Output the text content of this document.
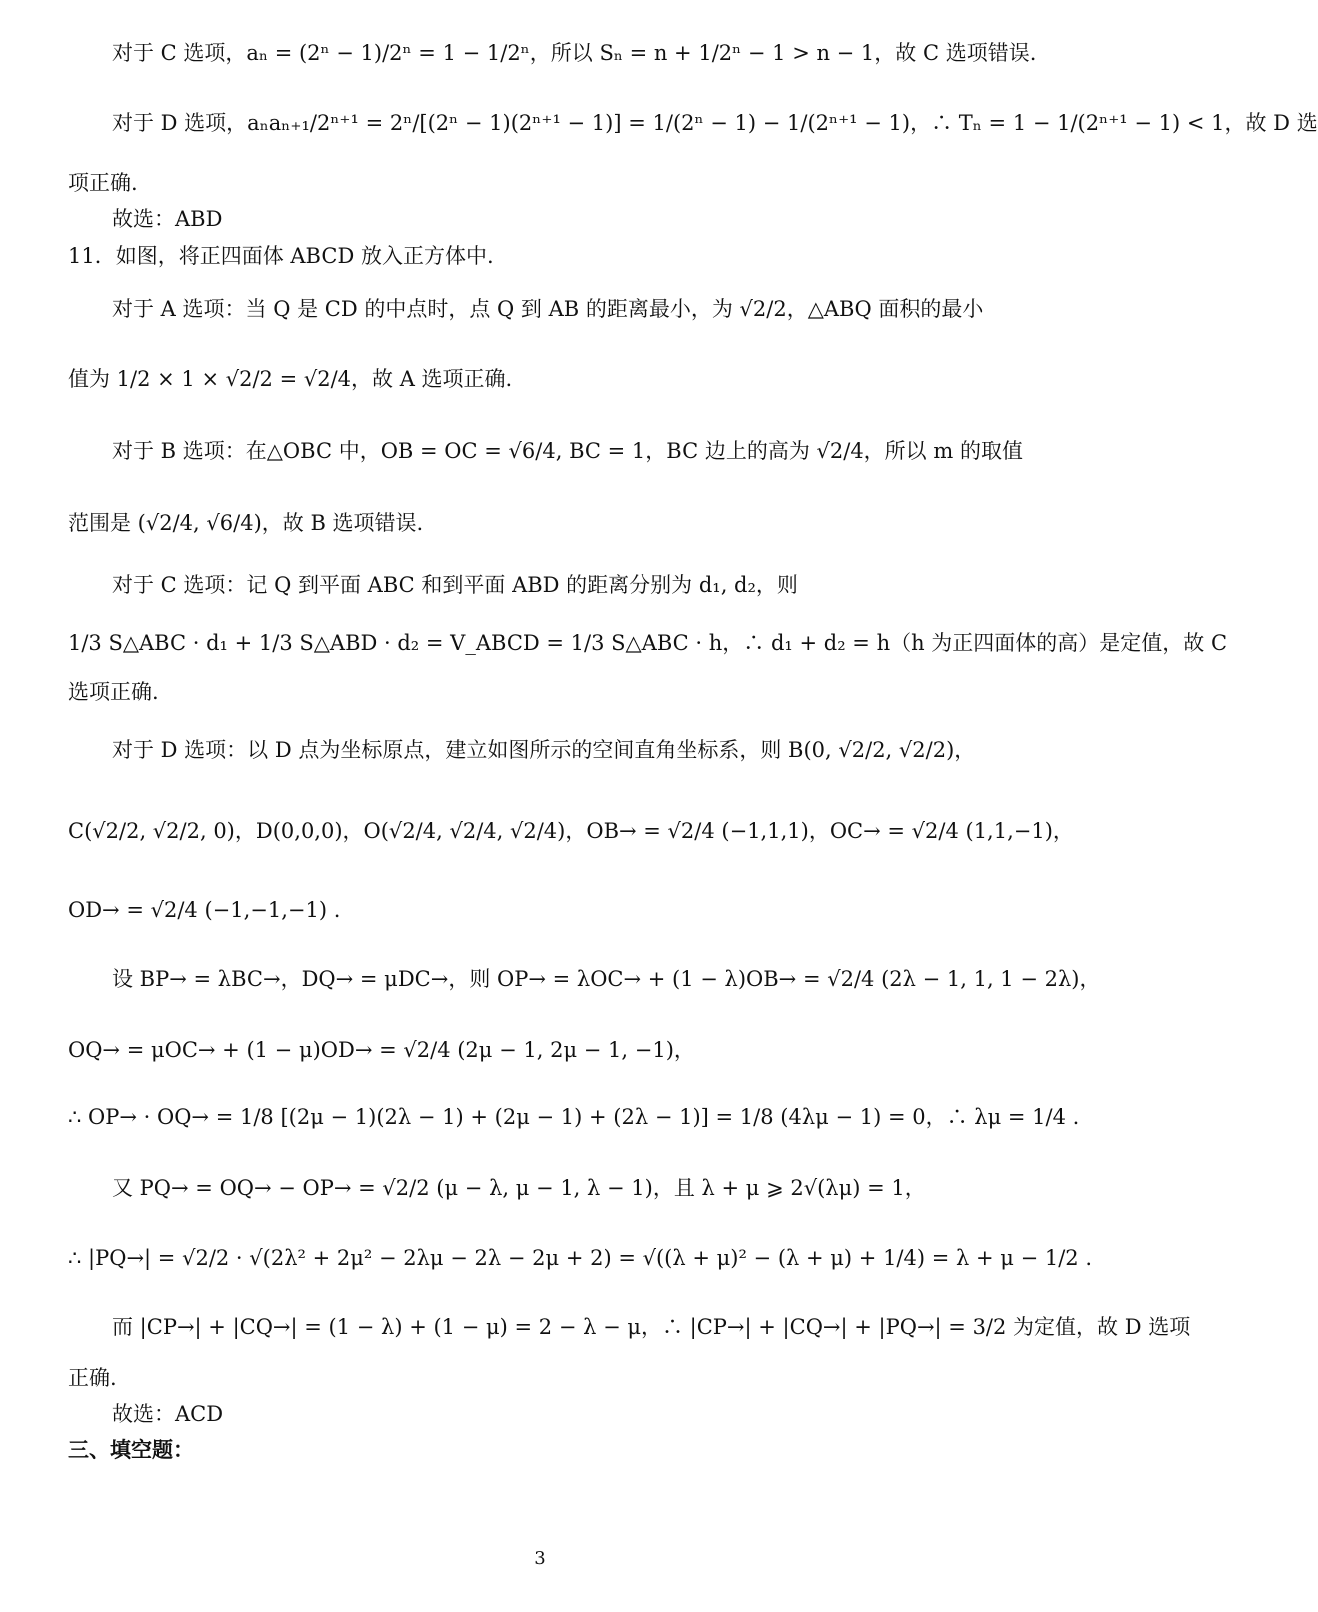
对于 C 选项，aₙ = (2ⁿ − 1)/2ⁿ = 1 − 1/2ⁿ，所以 Sₙ = n + 1/2ⁿ − 1 > n − 1，故 C 选项错误.
对于 D 选项，aₙaₙ₊₁/2ⁿ⁺¹ = 2ⁿ/[(2ⁿ − 1)(2ⁿ⁺¹ − 1)] = 1/(2ⁿ − 1) − 1/(2ⁿ⁺¹ − 1)，∴ Tₙ = 1 − 1/(2ⁿ⁺¹ − 1) < 1，故 D 选
项正确.
故选：ABD
11．如图，将正四面体 ABCD 放入正方体中.
对于 A 选项：当 Q 是 CD 的中点时，点 Q 到 AB 的距离最小，为 √2/2，△ABQ 面积的最小
值为 1/2 × 1 × √2/2 = √2/4，故 A 选项正确.
对于 B 选项：在△OBC 中，OB = OC = √6/4, BC = 1，BC 边上的高为 √2/4，所以 m 的取值
范围是 (√2/4, √6/4)，故 B 选项错误.
对于 C 选项：记 Q 到平面 ABC 和到平面 ABD 的距离分别为 d₁, d₂，则
1/3 S△ABC · d₁ + 1/3 S△ABD · d₂ = V_ABCD = 1/3 S△ABC · h，∴ d₁ + d₂ = h（h 为正四面体的高）是定值，故 C
选项正确.
对于 D 选项：以 D 点为坐标原点，建立如图所示的空间直角坐标系，则 B(0, √2/2, √2/2)，
C(√2/2, √2/2, 0)，D(0,0,0)，O(√2/4, √2/4, √2/4)，OB→ = √2/4 (−1,1,1)，OC→ = √2/4 (1,1,−1)，
OD→ = √2/4 (−1,−1,−1) .
设 BP→ = λBC→，DQ→ = μDC→，则 OP→ = λOC→ + (1 − λ)OB→ = √2/4 (2λ − 1, 1, 1 − 2λ)，
OQ→ = μOC→ + (1 − μ)OD→ = √2/4 (2μ − 1, 2μ − 1, −1)，
∴ OP→ · OQ→ = 1/8 [(2μ − 1)(2λ − 1) + (2μ − 1) + (2λ − 1)] = 1/8 (4λμ − 1) = 0，∴ λμ = 1/4 .
又 PQ→ = OQ→ − OP→ = √2/2 (μ − λ, μ − 1, λ − 1)，且 λ + μ ⩾ 2√(λμ) = 1，
∴ |PQ→| = √2/2 · √(2λ² + 2μ² − 2λμ − 2λ − 2μ + 2) = √((λ + μ)² − (λ + μ) + 1/4) = λ + μ − 1/2 .
而 |CP→| + |CQ→| = (1 − λ) + (1 − μ) = 2 − λ − μ，∴ |CP→| + |CQ→| + |PQ→| = 3/2 为定值，故 D 选项
正确.
故选：ACD
三、填空题：
3
